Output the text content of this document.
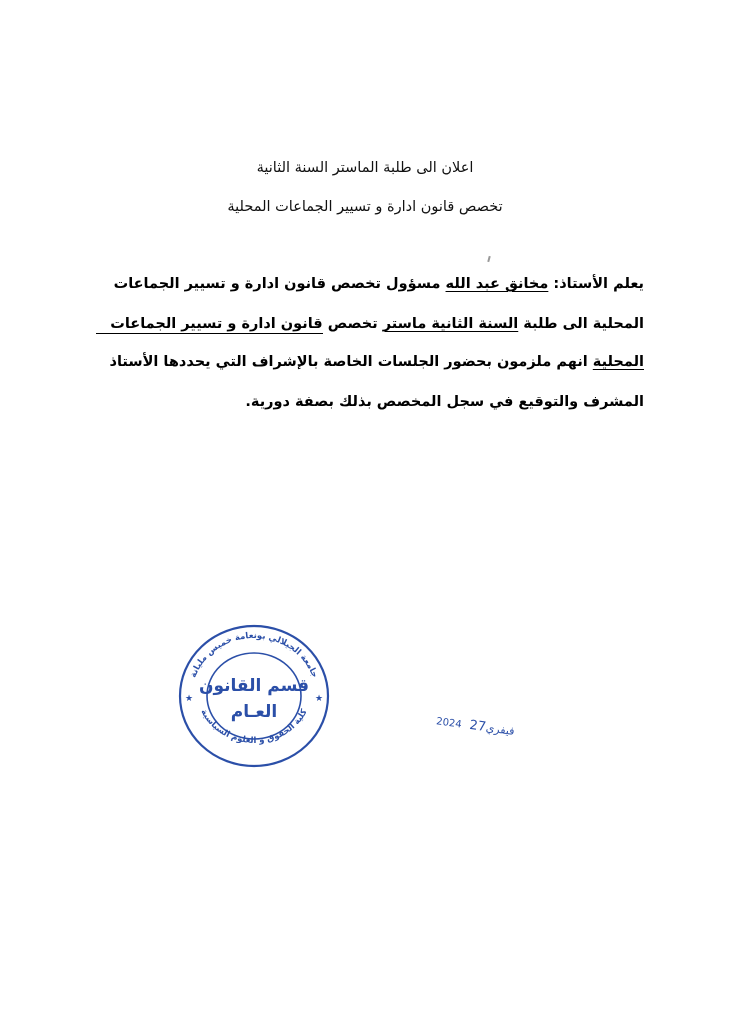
اعلان الى طلبة الماستر السنة الثانية
تخصص قانون ادارة و تسيير الجماعات المحلية
يعلم الأستاذ: مخانق عبد الله مسؤول تخصص قانون ادارة و تسيير الجماعات
المحلية الى طلبة السنة الثانية ماستر تخصص قانون ادارة و تسيير الجماعات
المحلية انهم ملزمون بحضور الجلسات الخاصة بالإشراف التي يحددها الأستاذ
المشرف والتوقيع في سجل المخصص بذلك بصفة دورية.
جامعة الجيلالي بونعامة خميس مليانة
كلية الحقوق و العلوم السياسية
★	★
قسم القانون
العـام
2024 فيفري27
